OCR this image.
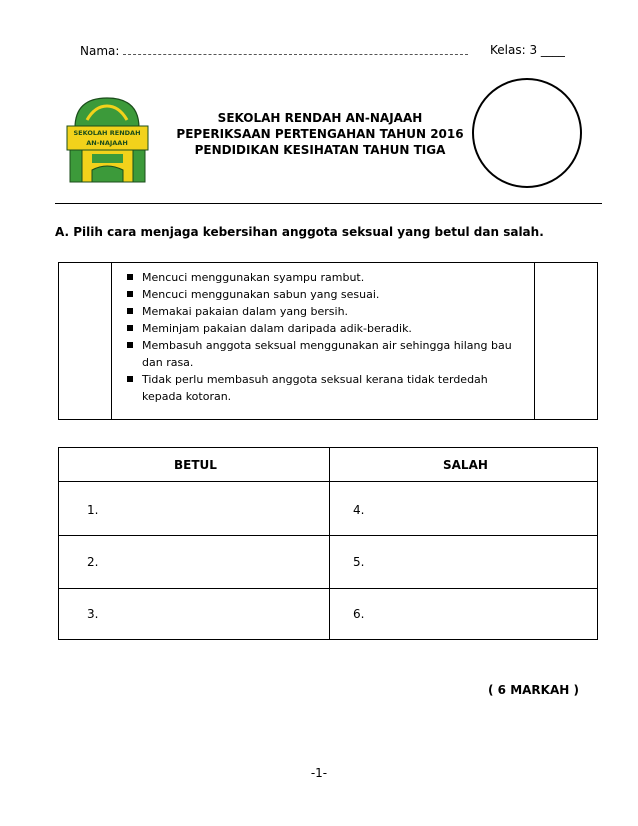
Nama:	Kelas: 3 ____
SEKOLAH RENDAH
AN-NAJAAH
SEKOLAH RENDAH AN-NAJAAH
PEPERIKSAAN PERTENGAHAN TAHUN 2016
PENDIDIKAN KESIHATAN TAHUN TIGA
A. Pilih cara menjaga kebersihan anggota seksual yang betul dan salah.
Mencuci menggunakan syampu rambut.
Mencuci menggunakan sabun yang sesuai.
Memakai pakaian dalam yang bersih.
Meminjam pakaian dalam daripada adik-beradik.
Membasuh anggota seksual menggunakan air sehingga hilang bau dan rasa.
Tidak perlu membasuh anggota seksual kerana tidak terdedah kepada kotoran.
BETUL	SALAH
1.
2.
3.
4.
5.
6.
( 6 MARKAH )
-1-
